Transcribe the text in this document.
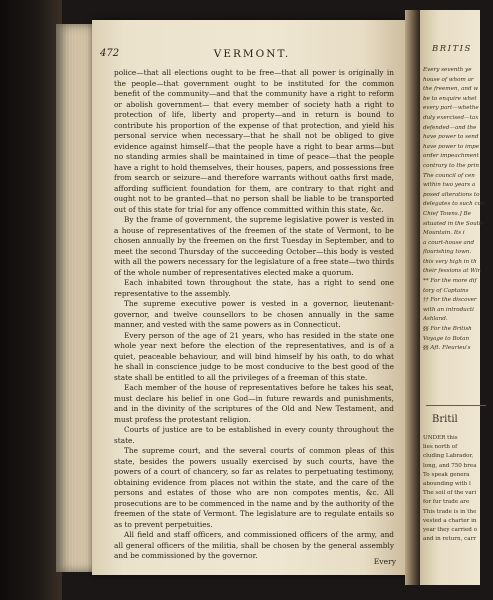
472	VERMONT.

police—that all elections ought to be free—that all power is originally in the people—that government ought to be instituted for the common benefit of the community—and that the community have a right to reform or abolish government— that every member of society hath a right to protection of life, liberty and property—and in return is bound to contribute his proportion of the expense of that protection, and yield his personal service when necessary—that he shall not be obliged to give evidence against himself—that the people have a right to bear arms—but no standing armies shall be maintained in time of peace—that the people have a right to hold themselves, their houses, papers, and possessions free from search or seizure—and therefore warrants without oaths first made, affording sufficient foundation for them, are contrary to that right and ought not to be granted—that no person shall be liable to be transported out of this state for trial for any offence committed within this state, &c.

By the frame of government, the supreme legislative power is vested in a house of representatives of the freemen of the state of Vermont, to be chosen annually by the freemen on the first Tuesday in September, and to meet the second Thursday of the succeeding October—this body is vested with all the powers necessary for the legislature of a free state—two thirds of the whole number of representatives elected make a quorum.

Each inhabited town throughout the state, has a right to send one representative to the assembly.

The supreme executive power is vested in a governor, lieutenant-governor, and twelve counsellors to be chosen annually in the same manner, and vested with the same powers as in Connecticut.

Every person of the age of 21 years, who has resided in the state one whole year next before the election of the representatives, and is of a quiet, peaceable behaviour, and will bind himself by his oath, to do what he shall in conscience judge to be most conducive to the best good of the state shall be entitled to all the privileges of a freeman of this state.

Each member of the house of representatives before he takes his seat, must declare his belief in one God—in future rewards and punishments, and in the divinity of the scriptures of the Old and New Testament, and must profess the protestant religion.

Courts of justice are to be established in every county throughout the state.

The supreme court, and the several courts of common pleas of this state, besides the powers usually exercised by such courts, have the powers of a court of chancery, so far as relates to perpetuating testimony, obtaining evidence from places not within the state, and the care of the persons and estates of those who are non compotes mentis, &c. All prosecutions are to be commenced in the name and by the authority of the freemen of the state of Vermont. The legislature are to regulate entails so as to prevent perpetuities.

All field and staff officers, and commissioned officers of the army, and all general officers of the militia, shall be chosen by the general assembly and be commissioned by the governor.

Every
BRITIS
Every seventh ye
house of whom ar
the freemen, and w
be to enquire whet
every part—whethe
duly exercised—tax
defended—and the
have power to send
have power to impe
order impeachment
contrary to the prin
The council of cen
within two years a
posed alterations to
delegates to such con
Chief Towns.] Be
situated in the South-
Mountain. Its i
a court-house and
flourishing town.
this very high in th
their fessions at Win
** For the more dif
tory of Captains
†† For the discover
with an introducti
Ashland.
§§ For the British
Voyage to Botan
§§ Aft. Fleurieu's
Britil
UNDER this
lies north of
cluding Labrador,
long, and 750 brea
To speak genera
abounding with l
The soil of the vari
for fur trade are
This trade is in the
vested a charter in
year they carried o
and in return, carr
